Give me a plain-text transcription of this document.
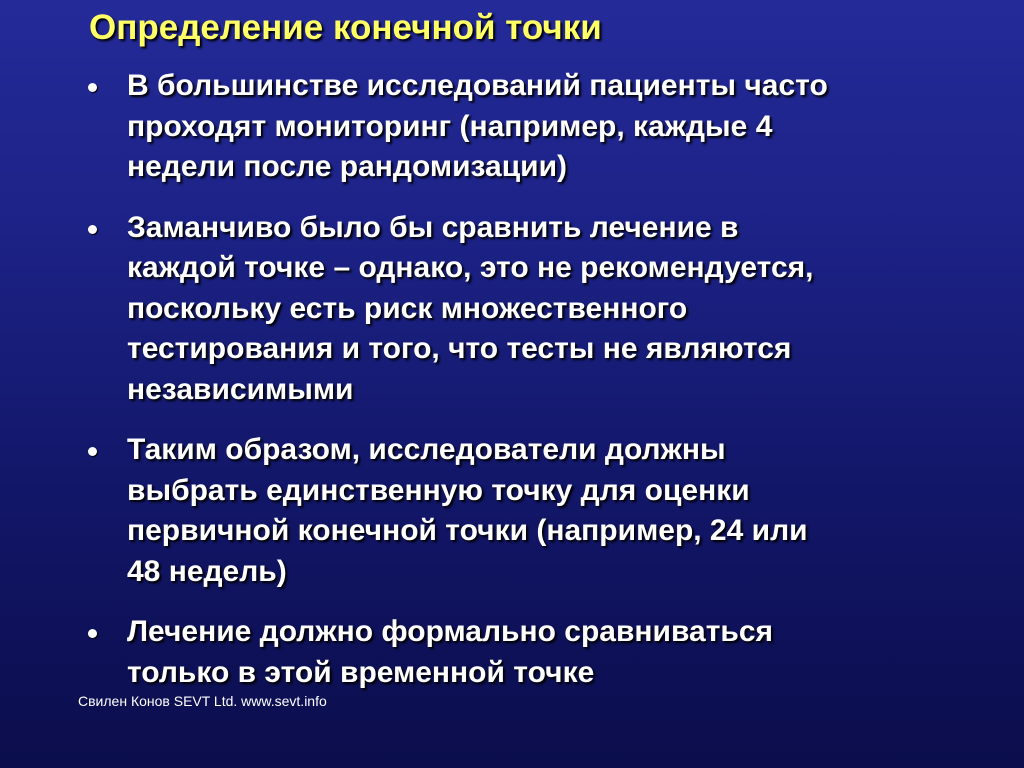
Определение конечной точки
В большинстве исследований пациенты часто
проходят мониторинг (например, каждые 4
недели после рандомизации)
Заманчиво было бы сравнить лечение в
каждой точке – однако, это не рекомендуется,
поскольку есть риск множественного
тестирования и того, что тесты не являются
независимыми
Таким образом, исследователи должны
выбрать единственную точку для оценки
первичной конечной точки (например, 24 или
48 недель)
Лечение должно формально сравниваться
только в этой временной точке
Свилен Конов SEVT Ltd. www.sevt.info
